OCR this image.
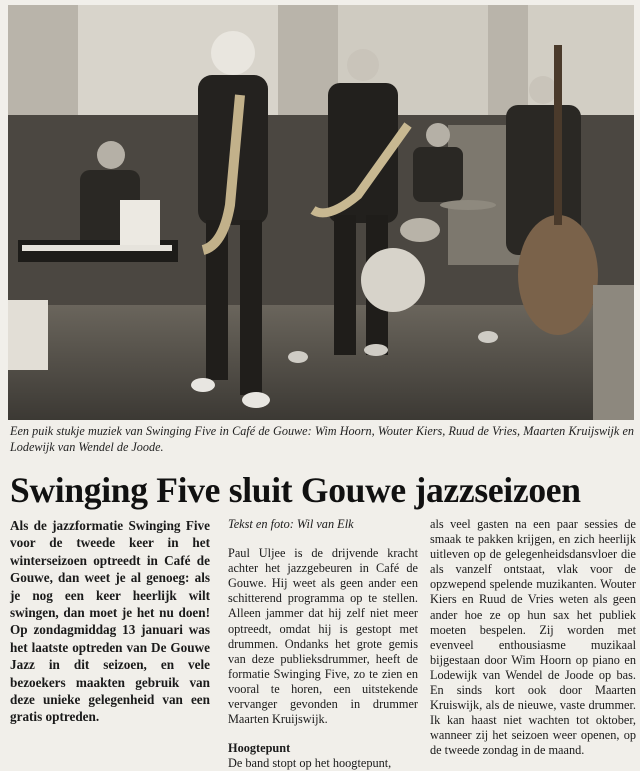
Een puik stukje muziek van Swinging Five in Café de Gouwe: Wim Hoorn, Wouter Kiers, Ruud de Vries, Maarten Kruijswijk en Lodewijk van Wendel de Joode.
Swinging Five sluit Gouwe jazzseizoen

Als de jazzformatie Swinging Five voor de tweede keer in het winterseizoen optreedt in Café de Gouwe, dan weet je al genoeg: als je nog een keer heerlijk wilt swingen, dan moet je het nu doen! Op zondagmiddag 13 januari was het laatste optreden van De Gouwe Jazz in dit seizoen, en vele bezoekers maakten gebruik van deze unieke gelegenheid van een gratis optreden.

Tekst en foto: Wil van Elk

Paul Uljee is de drijvende kracht achter het jazzgebeuren in Café de Gouwe. Hij weet als geen ander een schitterend programma op te stellen. Alleen jammer dat hij zelf niet meer optreedt, omdat hij is gestopt met drummen. Ondanks het grote gemis van deze publieksdrummer, heeft de formatie Swinging Five, zo te zien en vooral te horen, een uitstekende vervanger gevonden in drummer Maarten Kruijswijk.

Hoogtepunt

De band stopt op het hoogtepunt,

als veel gasten na een paar sessies de smaak te pakken krijgen, en zich heerlijk uitleven op de gelegenheidsdansvloer die als vanzelf ontstaat, vlak voor de opzwepend spelende muzikanten. Wouter Kiers en Ruud de Vries weten als geen ander hoe ze op hun sax het publiek moeten bespelen. Zij worden met evenveel enthousiasme muzikaal bijgestaan door Wim Hoorn op piano en Lodewijk van Wendel de Joode op bas. En sinds kort ook door Maarten Kruiswijk, als de nieuwe, vaste drummer. Ik kan haast niet wachten tot oktober, wanneer zij het seizoen weer openen, op de tweede zondag in de maand.
